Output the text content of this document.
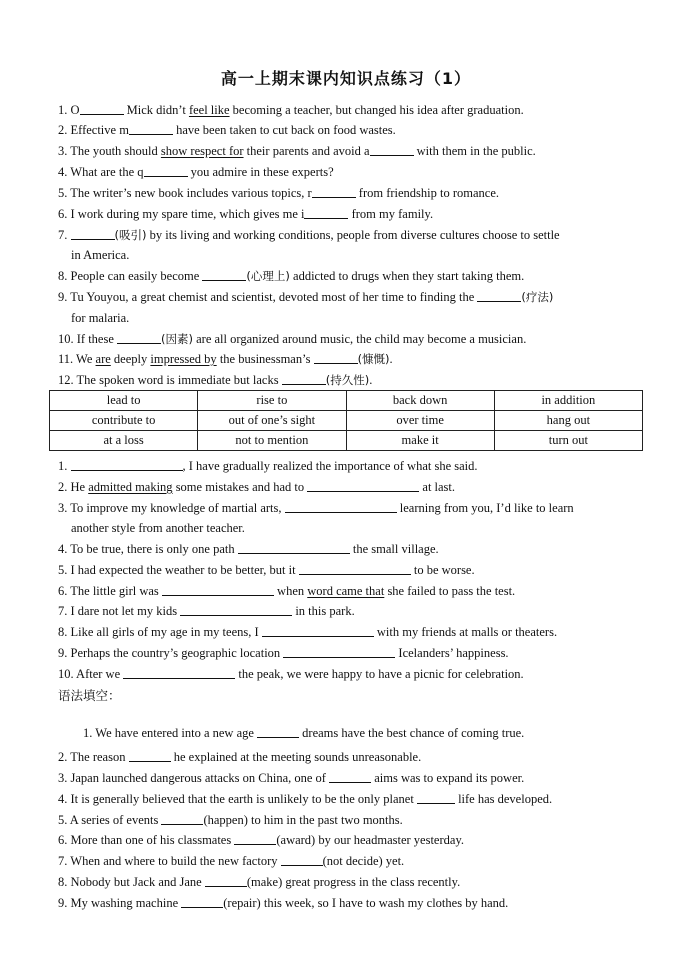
高一上期末课内知识点练习（1）
1. O	Mick didn’t feel like becoming a teacher, but changed his idea after graduation.
2. Effective m	have been taken to cut back on food wastes.
3. The youth should show respect for their parents and avoid a	with them in the public.
4. What are the q	you admire in these experts?
5. The writer’s new book includes various topics, r	from friendship to romance.
6. I work during my spare time, which gives me i	from my family.
7.	(吸引) by its living and working conditions, people from diverse cultures choose to settle
in America.
8. People can easily become	(心理上) addicted to drugs when they start taking them.
9. Tu Youyou, a great chemist and scientist, devoted most of her time to finding the	(疗法)
for malaria.
10. If these	(因素) are all organized around music, the child may become a musician.
11. We are deeply impressed by the businessman’s	(慷慨).
12. The spoken word is immediate but lacks	(持久性).
lead to	rise to	back down	in addition
contribute to	out of one’s sight	over time	hang out
at a loss	not to mention	make it	turn out
1.	, I have gradually realized the importance of what she said.
2. He admitted making some mistakes and had to	at last.
3. To improve my knowledge of martial arts,	learning from you, I’d like to learn
another style from another teacher.
4. To be true, there is only one path	the small village.
5. I had expected the weather to be better, but it	to be worse.
6. The little girl was	when word came that she failed to pass the test.
7. I dare not let my kids	in this park.
8. Like all girls of my age in my teens, I	with my friends at malls or theaters.
9. Perhaps the country’s geographic location	Icelanders’ happiness.
10. After we	the peak, we were happy to have a picnic for celebration.
语法填空：
1. We have entered into a new age	dreams have the best chance of coming true.
2. The reason	he explained at the meeting sounds unreasonable.
3. Japan launched dangerous attacks on China, one of	aims was to expand its power.
4. It is generally believed that the earth is unlikely to be the only planet	life has developed.
5. A series of events	(happen) to him in the past two months.
6. More than one of his classmates	(award) by our headmaster yesterday.
7. When and where to build the new factory	(not decide) yet.
8. Nobody but Jack and Jane	(make) great progress in the class recently.
9. My washing machine	(repair) this week, so I have to wash my clothes by hand.
